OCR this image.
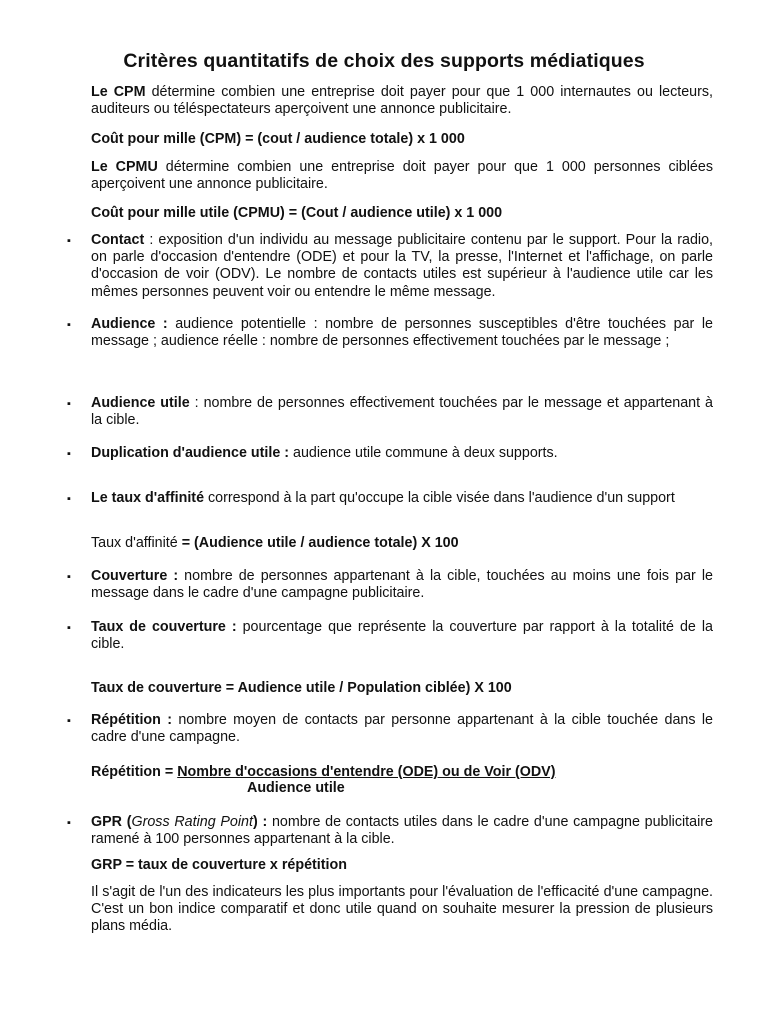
Critères quantitatifs de choix des supports médiatiques

Le CPM détermine combien une entreprise doit payer pour que 1 000 internautes ou lecteurs, auditeurs ou téléspectateurs aperçoivent une annonce publicitaire.

Coût pour mille (CPM) = (cout / audience totale) x 1 000

Le CPMU détermine combien une entreprise doit payer pour que 1 000 personnes ciblées aperçoivent une annonce publicitaire.

Coût pour mille utile (CPMU) = (Cout / audience utile) x 1 000

▪ Contact : exposition d'un individu au message publicitaire contenu par le support. Pour la radio, on parle d'occasion d'entendre (ODE) et pour la TV, la presse, l'Internet et l'affichage, on parle d'occasion de voir (ODV). Le nombre de contacts utiles est supérieur à l'audience utile car les mêmes personnes peuvent voir ou entendre le même message.

▪ Audience : audience potentielle : nombre de personnes susceptibles d'être touchées par le message ; audience réelle : nombre de personnes effectivement touchées par le message ;

▪ Audience utile : nombre de personnes effectivement touchées par le message et appartenant à la cible.

▪ Duplication d'audience utile : audience utile commune à deux supports.

▪ Le taux d'affinité correspond à la part qu'occupe la cible visée dans l'audience d'un support

Taux d'affinité = (Audience utile / audience totale) X 100

▪ Couverture : nombre de personnes appartenant à la cible, touchées au moins une fois par le message dans le cadre d'une campagne publicitaire.

▪ Taux de couverture : pourcentage que représente la couverture par rapport à la totalité de la cible.

Taux de couverture = Audience utile / Population ciblée) X 100

▪ Répétition : nombre moyen de contacts par personne appartenant à la cible touchée dans le cadre d'une campagne.

Répétition = Nombre d'occasions d'entendre (ODE) ou de Voir (ODV)

Audience utile

▪ GPR (Gross Rating Point) : nombre de contacts utiles dans le cadre d'une campagne publicitaire ramené à 100 personnes appartenant à la cible.

GRP = taux de couverture x répétition

Il s'agit de l'un des indicateurs les plus importants pour l'évaluation de l'efficacité d'une campagne. C'est un bon indice comparatif et donc utile quand on souhaite mesurer la pression de plusieurs plans média.
